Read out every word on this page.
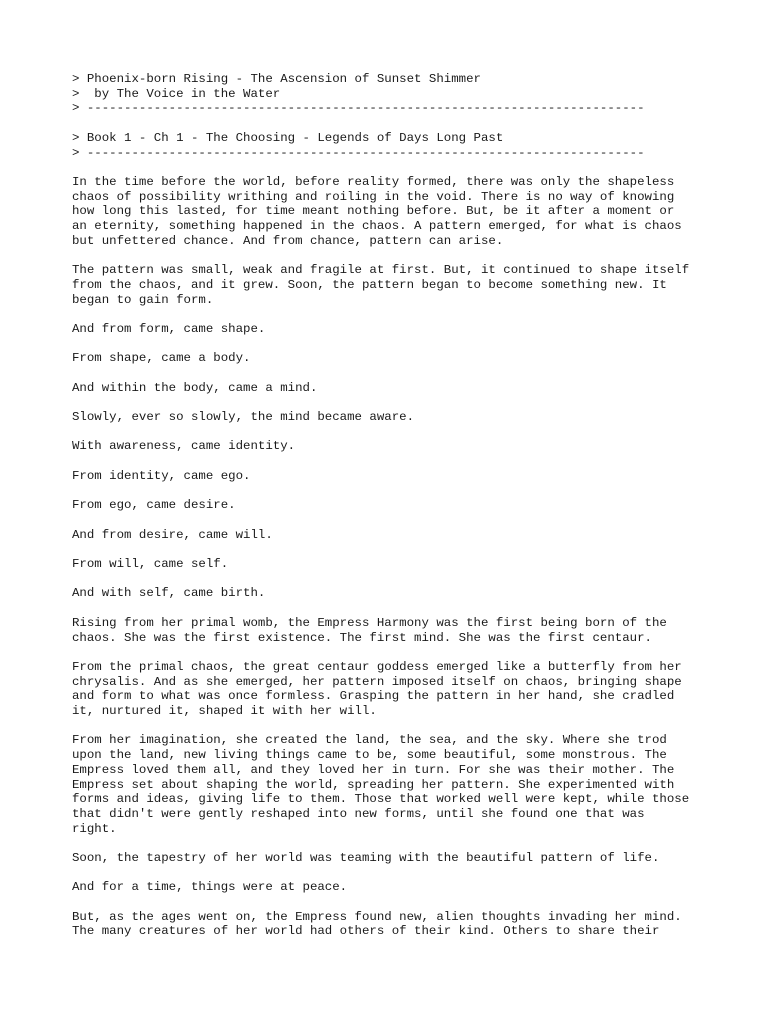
> Phoenix-born Rising - The Ascension of Sunset Shimmer
>  by The Voice in the Water
> ---------------------------------------------------------------------------
> Book 1 - Ch 1 - The Choosing - Legends of Days Long Past
> ---------------------------------------------------------------------------

In the time before the world, before reality formed, there was only the shapeless
chaos of possibility writhing and roiling in the void. There is no way of knowing
how long this lasted, for time meant nothing before. But, be it after a moment or
an eternity, something happened in the chaos. A pattern emerged, for what is chaos
but unfettered chance. And from chance, pattern can arise.

The pattern was small, weak and fragile at first. But, it continued to shape itself
from the chaos, and it grew. Soon, the pattern began to become something new. It
began to gain form.

And from form, came shape.

From shape, came a body.

And within the body, came a mind.

Slowly, ever so slowly, the mind became aware.

With awareness, came identity.

From identity, came ego.

From ego, came desire.

And from desire, came will.

From will, came self.

And with self, came birth.

Rising from her primal womb, the Empress Harmony was the first being born of the
chaos. She was the first existence. The first mind. She was the first centaur.

From the primal chaos, the great centaur goddess emerged like a butterfly from her
chrysalis. And as she emerged, her pattern imposed itself on chaos, bringing shape
and form to what was once formless. Grasping the pattern in her hand, she cradled
it, nurtured it, shaped it with her will.

From her imagination, she created the land, the sea, and the sky. Where she trod
upon the land, new living things came to be, some beautiful, some monstrous. The
Empress loved them all, and they loved her in turn. For she was their mother. The
Empress set about shaping the world, spreading her pattern. She experimented with
forms and ideas, giving life to them. Those that worked well were kept, while those
that didn't were gently reshaped into new forms, until she found one that was
right.

Soon, the tapestry of her world was teaming with the beautiful pattern of life.

And for a time, things were at peace.

But, as the ages went on, the Empress found new, alien thoughts invading her mind.
The many creatures of her world had others of their kind. Others to share their
